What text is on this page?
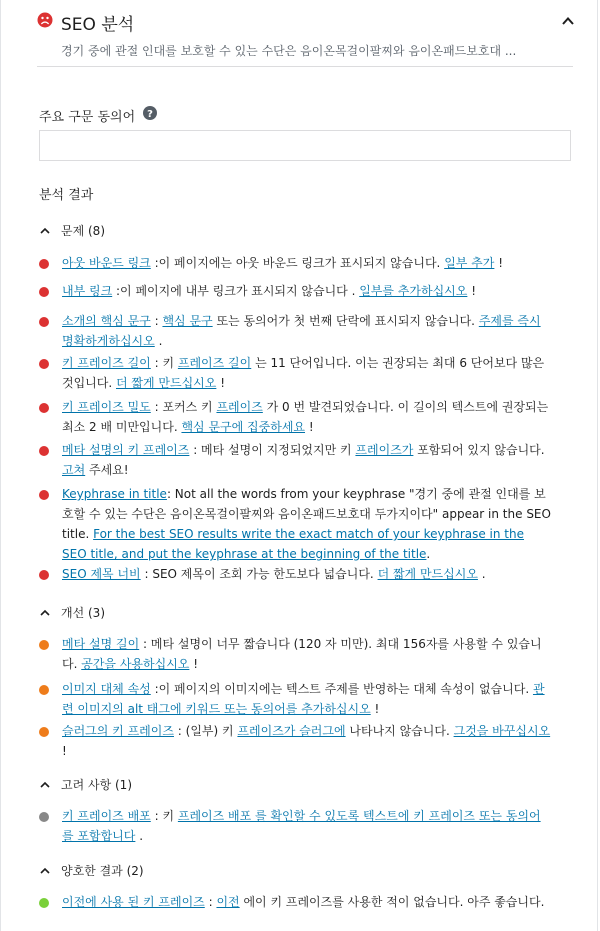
SEO 분석
경기 중에 관절 인대를 보호할 수 있는 수단은 음이온목걸이팔찌와 음이온패드보호대 ...
주요 구문 동의어 ?
분석 결과
문제 (8)
아웃 바운드 링크 :이 페이지에는 아웃 바운드 링크가 표시되지 않습니다. 일부 추가 !
내부 링크 :이 페이지에 내부 링크가 표시되지 않습니다 . 일부를 추가하십시오 !
소개의 핵심 문구 : 핵심 문구 또는 동의어가 첫 번째 단락에 표시되지 않습니다. 주제를 즉시 명확하게하십시오 .
키 프레이즈 길이 : 키 프레이즈 길이 는 11 단어입니다. 이는 권장되는 최대 6 단어보다 많은 것입니다. 더 짧게 만드십시오 !
키 프레이즈 밀도 : 포커스 키 프레이즈 가 0 번 발견되었습니다. 이 길이의 텍스트에 권장되는 최소 2 배 미만입니다. 핵심 문구에 집중하세요 !
메타 설명의 키 프레이즈 : 메타 설명이 지정되었지만 키 프레이즈가 포함되어 있지 않습니다. 고쳐 주세요!
Keyphrase in title: Not all the words from your keyphrase "경기 중에 관절 인대를 보호할 수 있는 수단은 음이온목걸이팔찌와 음이온패드보호대 두가지이다" appear in the SEO title. For the best SEO results write the exact match of your keyphrase in the SEO title, and put the keyphrase at the beginning of the title.
SEO 제목 너비 : SEO 제목이 조회 가능 한도보다 넓습니다. 더 짧게 만드십시오 .
개선 (3)
메타 설명 길이 : 메타 설명이 너무 짧습니다 (120 자 미만). 최대 156자를 사용할 수 있습니다. 공간을 사용하십시오 !
이미지 대체 속성 :이 페이지의 이미지에는 텍스트 주제를 반영하는 대체 속성이 없습니다. 관련 이미지의 alt 태그에 키워드 또는 동의어를 추가하십시오 !
슬러그의 키 프레이즈 : (일부) 키 프레이즈가 슬러그에 나타나지 않습니다. 그것을 바꾸십시오 !
고려 사항 (1)
키 프레이즈 배포 : 키 프레이즈 배포 를 확인할 수 있도록 텍스트에 키 프레이즈 또는 동의어를 포함합니다 .
양호한 결과 (2)
이전에 사용 된 키 프레이즈 : 이전 에이 키 프레이즈를 사용한 적이 없습니다. 아주 좋습니다.
